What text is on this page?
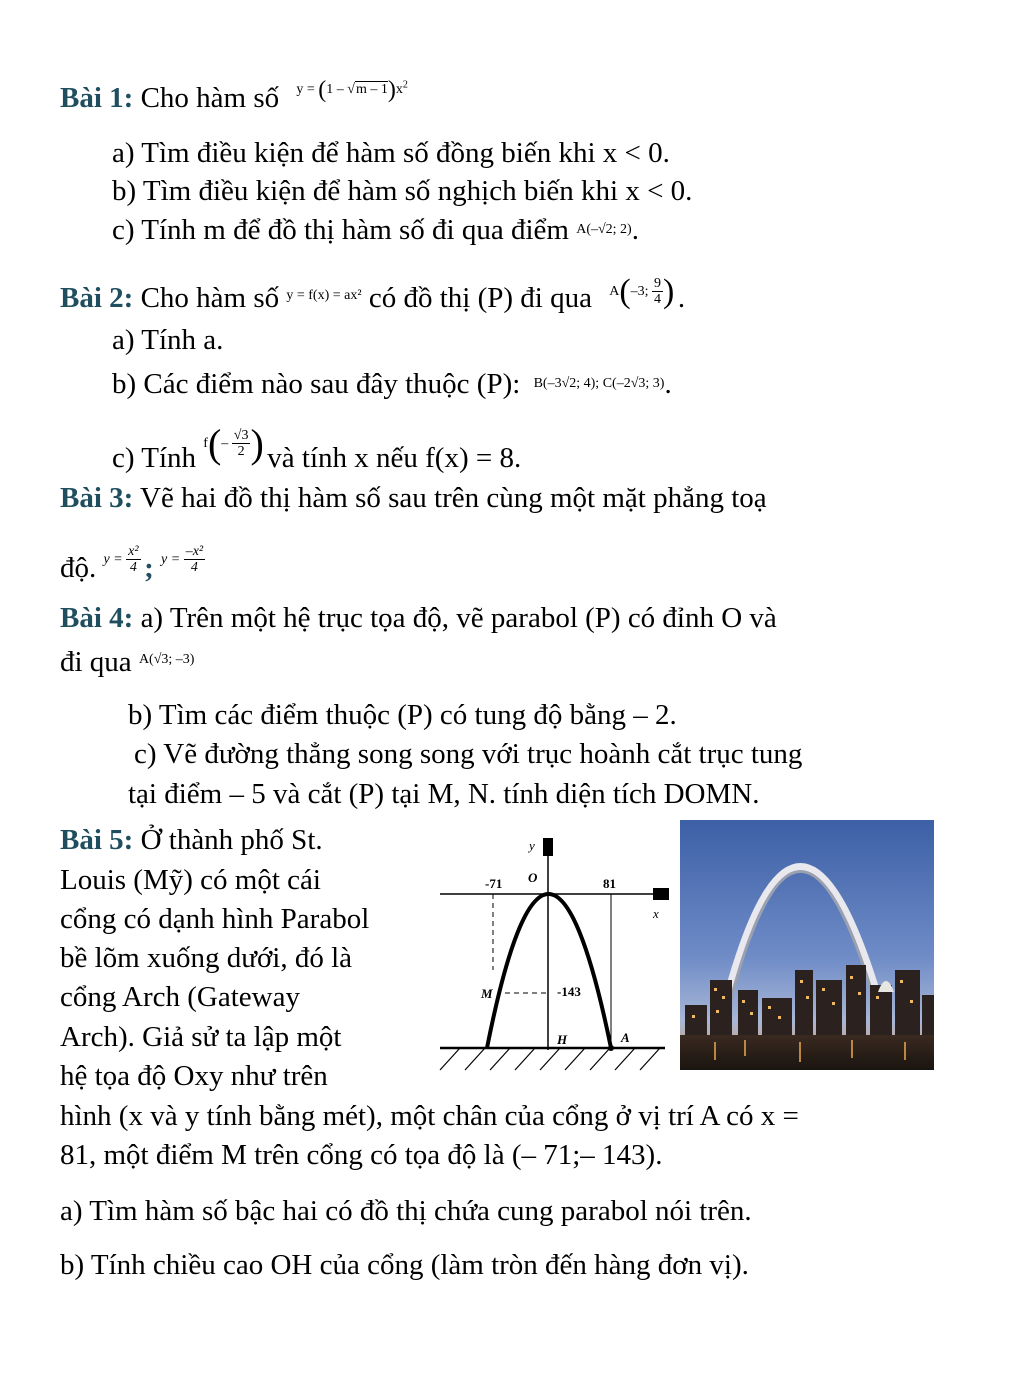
Bài 1: Cho hàm số $^{y = (1 - √m - 1)x^2}$
a) Tìm điều kiện để hàm số đồng biến khi x < 0.
b) Tìm điều kiện để hàm số nghịch biến khi x < 0.
c) Tính m để đồ thị hàm số đi qua điểm $^{A(-√2; 2)}$.
Bài 2: Cho hàm số $^{y = f(x) = ax^2}$ có đồ thị (P) đi qua $^{A(-3; \frac{9}{4} )}$ .
a) Tính a.
b) Các điểm nào sau đây thuộc (P): $^{B(-3√2; 4); C(-2√3; 3)}$.
c) Tính $^{f(- \frac{√3}{2} )}$ và tính x nếu f(x) = 8.
Bài 3: Vẽ hai đồ thị hàm số sau trên cùng một mặt phẳng toạ
độ. $^{y = \frac{\text{x²}}{4}}$ ; $^{y = \frac{\text{–x²}}{4}}$
Bài 4: a) Trên một hệ trục tọa độ, vẽ parabol (P) có đỉnh O và
đi qua $^{A(√3; -3)}$
b) Tìm các điểm thuộc (P) có tung độ bằng – 2.
c) Vẽ đường thẳng song song với trục hoành cắt trục tung
tại điểm – 5 và cắt (P) tại M, N. tính diện tích DOMN.
Bài 5: Ở thành phố St.
Louis (Mỹ) có một cái
cổng có dạnh hình Parabol
bề lõm xuống dưới, đó là
cổng Arch (Gateway
Arch). Giả sử ta lập một
hệ tọa độ Oxy như trên
hình (x và y tính bằng mét), một chân của cổng ở vị trí A có x =
81, một điểm M trên cổng có tọa độ là (– 71;– 143).
a) Tìm hàm số bậc hai có đồ thị chứa cung parabol nói trên.
b) Tính chiều cao OH của cổng (làm tròn đến hàng đơn vị).
y
x
O
-71	81
M	-143
H	A
